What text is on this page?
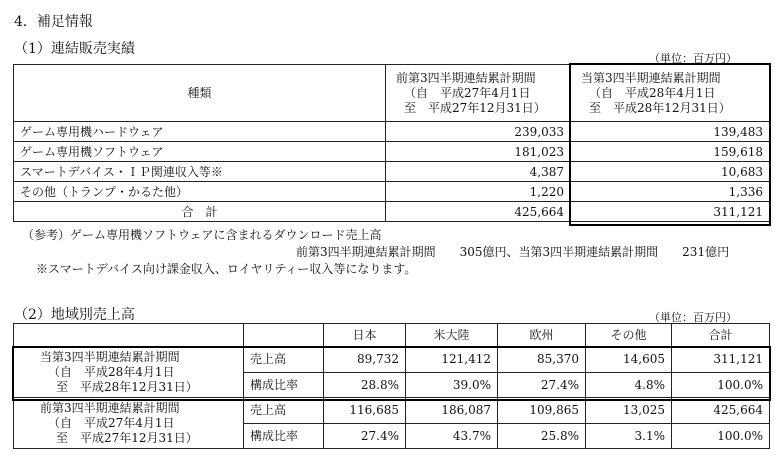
4．補足情報
（1）連結販売実績
（単位：百万円）
種類	前第3四半期連結累計期間
（自　平成27年4月1日
至　平成27年12月31日）	当第3四半期連結累計期間
（自　平成28年4月1日
至　平成28年12月31日）

ゲーム専用機ハードウェア	239,033	139,483
ゲーム専用機ソフトウェア	181,023	159,618
スマートデバイス・ＩＰ関連収入等※	4,387	10,683
その他（トランプ・かるた他）	1,220	1,336
合　計	425,664	311,121
（参考）ゲーム専用機ソフトウェアに含まれるダウンロード売上高
前第3四半期連結累計期間　　305億円、当第3四半期連結累計期間　　231億円
※スマートデバイス向け課金収入、ロイヤリティー収入等になります。
（2）地域別売上高	（単位：百万円）
		日本	米大陸	欧州	その他	合計

当第3四半期連結累計期間
（自　平成28年4月1日
至　平成28年12月31日）	売上高	89,732	121,412	85,370	14,605	311,121
	構成比率	28.8%	39.0%	27.4%	4.8%	100.0%

前第3四半期連結累計期間
（自　平成27年4月1日
至　平成27年12月31日）	売上高	116,685	186,087	109,865	13,025	425,664
	構成比率	27.4%	43.7%	25.8%	3.1%	100.0%
